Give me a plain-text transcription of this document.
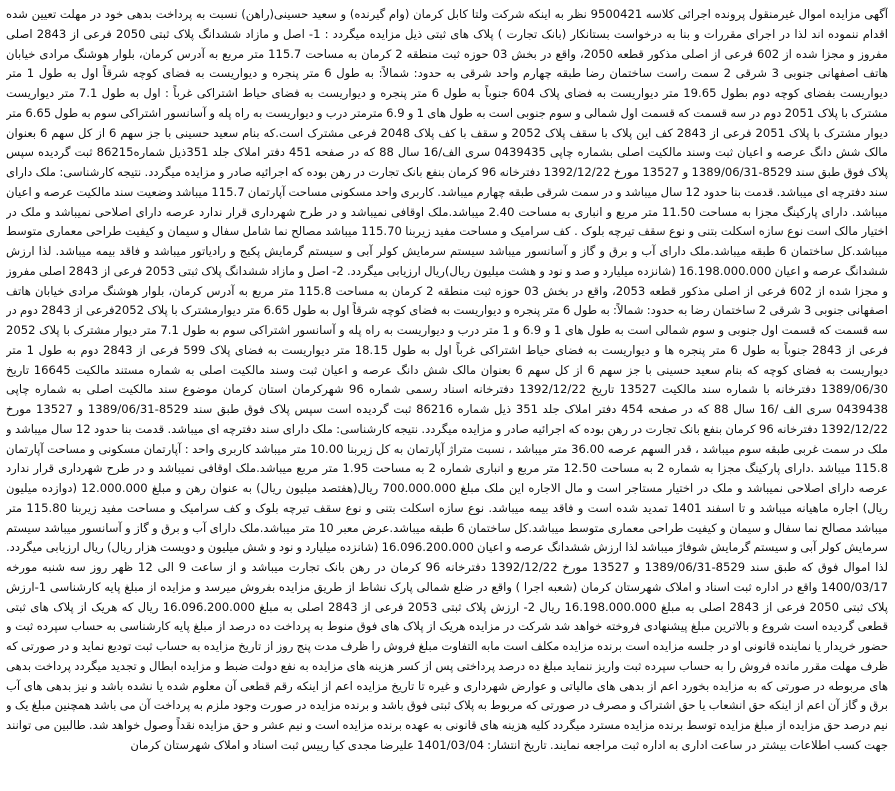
آگهی مزایده اموال غیرمنقول پرونده اجرائی کلاسه 9500421 نظر به اینکه شرکت ولتا کابل کرمان (وام گیرنده) و سعید حسینی(راهن) نسبت به پرداخت بدهی خود در مهلت تعیین شده اقدام ننموده اند لذا در اجرای مقررات و بنا به درخواست بستانکار (بانک تجارت ) پلاک های ثبتی ذیل مزایده میگردد : 1- اصل و مازاد ششدانگ پلاک ثبتی 2050 فرعی از 2843 اصلی مفروز و مجزا شده از 602 فرعی از اصلی مذکور قطعه 2050، واقع در بخش 03 حوزه ثبت منطقه 2 کرمان به مساحت 115.7 متر مربع به آدرس کرمان، بلوار هوشنگ مرادی خیابان هاتف اصفهانی جنوبی 3 شرقی 2 سمت راست ساختمان رضا طبقه چهارم واحد شرقی به حدود: شمالاً: به طول 6 متر پنجره و دیواریست به فضای کوچه شرقاً اول به طول 1 متر دیواریست بفضای کوچه دوم بطول 19.65 متر دیواریست به فضای پلاک 604 جنوباً به طول 6 متر پنجره و دیواریست به فضای حیاط اشتراکی غرباً : اول به طول 7.1 متر دیواریست مشترک با پلاک 2051 دوم در سه قسمت که قسمت اول شمالی و سوم جنوبی است به طول های 1 و 6.9 مترمتر درب و دیواریست به راه پله و آسانسور اشتراکی سوم به طول 6.65 متر دیوار مشترک با پلاک 2051 فرعی از 2843 کف این پلاک با سقف پلاک 2052 و سقف با کف پلاک 2048 فرعی مشترک است.که بنام سعید حسینی با جز سهم 6 از کل سهم 6 بعنوان مالک شش دانگ عرصه و اعیان ثبت وسند مالکیت اصلی بشماره چاپی 0439435 سری الف/16 سال 88 که در صفحه 451 دفتر املاک جلد 351ذیل شماره86215 ثبت گردیده سپس پلاک فوق طبق سند 8529-1389/06/31 و 13527 مورخ 1392/12/22 دفترخانه 96 کرمان بنفع بانک تجارت در رهن بوده که اجرائیه صادر و مزایده میگردد. نتیجه کارشناسی: ملک دارای سند دفترچه ای میباشد. قدمت بنا حدود 12 سال میباشد و در سمت شرقی طبقه چهارم میباشد. کاربری واحد مسکونی مساحت آپارتمان 115.7 میباشد وضعیت سند مالکیت عرصه و اعیان میباشد. دارای پارکینگ مجزا به مساحت 11.50 متر مربع و انباری به مساحت 2.40 میباشد.ملک اوقافی نمیباشد و در طرح شهرداری قرار ندارد عرصه دارای اصلاحی نمیباشد و ملک در اختیار مالک است نوع سازه اسکلت بتنی و نوع سقف تیرچه بلوک . کف سرامیک و مساحت مفید زیربنا 115.70 میباشد مصالح نما شامل سفال و سیمان و کیفیت طراحی معماری متوسط میباشد.کل ساختمان 6 طبقه میباشد.ملک دارای آب و برق و گاز و آسانسور میباشد سیستم سرمایش کولر آبی و سیستم گرمایش پکیج و رادیاتور میباشد و فاقد بیمه میباشد. لذا ارزش ششدانگ عرصه و اعیان 16.198.000.000 (شانزده میلیارد و صد و نود و هشت میلیون ریال)ریال ارزیابی میگردد. 2- اصل و مازاد ششدانگ پلاک ثبتی 2053 فرعی از 2843 اصلی مفروز و مجزا شده از 602 فرعی از اصلی مذکور قطعه 2053، واقع در بخش 03 حوزه ثبت منطقه 2 کرمان به مساحت 115.8 متر مربع به آدرس کرمان، بلوار هوشنگ مرادی خیابان هاتف اصفهانی جنوبی 3 شرقی 2 ساختمان رضا به حدود: شمالاً: به طول 6 متر پنجره و دیواریست به فضای کوچه شرقاً اول به طول 6.65 متر دیوارمشترک با پلاک 2052فرعی از 2843 دوم در سه قسمت که قسمت اول جنوبی و سوم شمالی است به طول های 1 و 6.9 و 1 متر درب و دیواریست به راه پله و آسانسور اشتراکی سوم به طول 7.1 متر دیوار مشترک با پلاک 2052 فرعی از 2843 جنوباً به طول 6 متر پنجره ها و دیواریست به فضای حیاط اشتراکی غرباً اول به طول 18.15 متر دیواریست به فضای پلاک 599 فرعی از 2843 دوم به طول 1 متر دیواریست به فضای کوچه که بنام سعید حسینی با جز سهم 6 از کل سهم 6 بعنوان مالک شش دانگ عرصه و اعیان ثبت وسند مالکیت اصلی به شماره مستند مالکیت 16645 تاریخ 1389/06/30 دفترخانه با شماره سند مالکیت 13527 تاریخ 1392/12/22 دفترخانه اسناد رسمی شماره 96 شهرکرمان استان کرمان موضوع سند مالکیت اصلی به شماره چاپی 0439438 سری الف /16 سال 88 که در صفحه 454 دفتر املاک جلد 351 ذیل شماره 86216 ثبت گردیده است سپس پلاک فوق طبق سند 8529-1389/06/31 و 13527 مورخ 1392/12/22 دفترخانه 96 کرمان بنفع بانک تجارت در رهن بوده که اجرائیه صادر و مزایده میگردد. نتیجه کارشناسی: ملک دارای سند دفترچه ای میباشد. قدمت بنا حدود 12 سال میباشد و ملک در سمت غربی طبقه سوم میباشد ، قدر السهم عرصه 36.00 متر میباشد ، نسبت متراژ آپارتمان به کل زیربنا 10.00 متر میباشد کاربری واحد : آپارتمان مسکونی و مساحت آپارتمان 115.8 میباشد .دارای پارکینگ مجزا به شماره 2 به مساحت 12.50 متر مربع و انباری شماره 2 به مساحت 1.95 متر مربع میباشد.ملک اوقافی نمیباشد و در طرح شهرداری قرار ندارد عرصه دارای اصلاحی نمیباشد و ملک در اختیار مستاجر است و مال الاجاره این ملک مبلغ 700.000.000 ریال(هفتصد میلیون ریال) به عنوان رهن و مبلغ 12.000.000 (دوازده میلیون ریال) اجاره ماهیانه میباشد و تا اسفند 1401 تمدید شده است و فاقد بیمه میباشد. نوع سازه اسکلت بتنی و نوع سقف تیرچه بلوک و کف سرامیک و مساحت مفید زیربنا 115.80 متر میباشد مصالح نما سفال و سیمان و کیفیت طراحی معماری متوسط میباشد.کل ساختمان 6 طبقه میباشد.عرض معبر 10 متر میباشد.ملک دارای آب و برق و گاز و آسانسور میباشد سیستم سرمایش کولر آبی و سیستم گرمایش شوفاژ میباشد لذا ارزش ششدانگ عرصه و اعیان 16.096.200.000 (شانزده میلیارد و نود و شش میلیون و دویست هزار ریال) ریال ارزیابی میگردد. لذا اموال فوق که طبق سند 8529-1389/06/31 و 13527 مورخ 1392/12/22 دفترخانه 96 کرمان در رهن بانک تجارت میباشد و از ساعت 9 الی 12 ظهر روز سه شنبه مورخه 1400/03/17 واقع در اداره ثبت اسناد و املاک شهرستان کرمان (شعبه اجرا ) واقع در ضلع شمالی پارک نشاط از طریق مزایده بفروش میرسد و مزایده از مبلغ پایه کارشناسی 1-ارزش پلاک ثبتی 2050 فرعی از 2843 اصلی به مبلغ 16.198.000.000 ریال 2- ارزش پلاک ثبتی 2053 فرعی از 2843 اصلی به مبلغ 16.096.200.000 ریال که هریک از پلاک های ثبتی قطعی گردیده است شروع و بالاترین مبلغ پیشنهادی فروخته خواهد شد شرکت در مزایده هریک از پلاک های فوق منوط به پرداخت ده درصد از مبلغ پایه کارشناسی به حساب سپرده ثبت و حضور خریدار یا نماینده قانونی او در جلسه مزایده است برنده مزایده مکلف است مابه التفاوت مبلغ فروش را ظرف مدت پنج روز از تاریخ مزایده به حساب ثبت تودیع نماید و در صورتی که ظرف مهلت مقرر مانده فروش را به حساب سپرده ثبت واریز ننماید مبلغ ده درصد پرداختی پس از کسر هزینه های مزایده به نفع دولت ضبط و مزایده ابطال و تجدید میگردد پرداخت بدهی های مربوطه در صورتی که به مزایده بخورد اعم از بدهی های مالیاتی و عوارض شهرداری و غیره تا تاریخ مزایده اعم از اینکه رقم قطعی آن معلوم شده یا نشده باشد و نیز بدهی های آب برق و گاز آن اعم از اینکه حق انشعاب یا حق اشتراک و مصرف در صورتی که مربوط به پلاک ثبتی فوق باشد و برنده مزایده در صورت وجود ملزم به پرداخت آن می باشد همچنین مبلغ یک و نیم درصد حق مزایده از مبلغ مزایده توسط برنده مزایده مسترد میگردد کلیه هزینه های قانونی به عهده برنده مزایده است و نیم عشر و حق مزایده نقداً وصول خواهد شد. طالبین می توانند جهت کسب اطلاعات بیشتر در ساعت اداری به اداره ثبت مراجعه نمایند. تاریخ انتشار: 1401/03/04 علیرضا مجدی کیا رییس ثبت اسناد و املاک شهرستان کرمان
